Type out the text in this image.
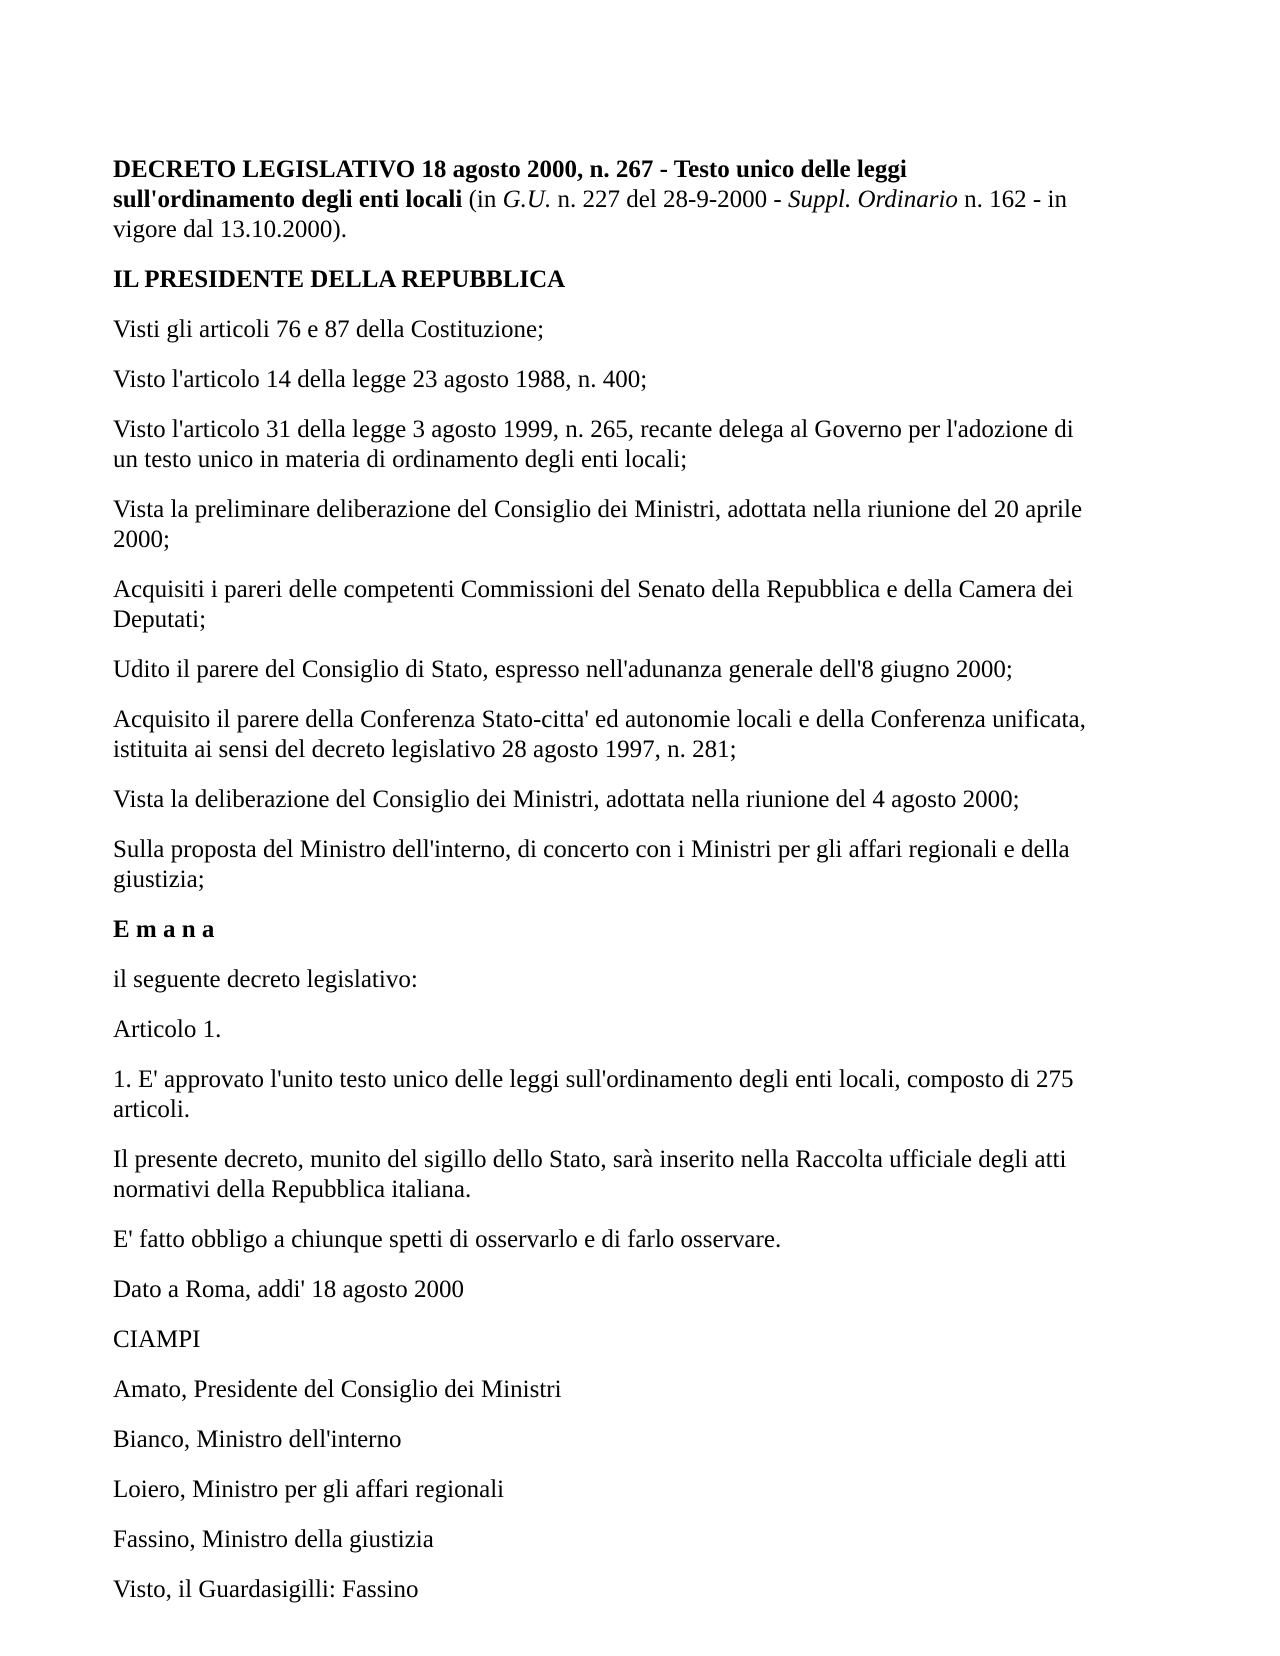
DECRETO LEGISLATIVO 18 agosto 2000, n. 267 - Testo unico delle leggi sull'ordinamento degli enti locali (in G.U. n. 227 del 28-9-2000 - Suppl. Ordinario n. 162 - in vigore dal 13.10.2000).

IL PRESIDENTE DELLA REPUBBLICA

Visti gli articoli 76 e 87 della Costituzione;

Visto l'articolo 14 della legge 23 agosto 1988, n. 400;

Visto l'articolo 31 della legge 3 agosto 1999, n. 265, recante delega al Governo per l'adozione di un testo unico in materia di ordinamento degli enti locali;

Vista la preliminare deliberazione del Consiglio dei Ministri, adottata nella riunione del 20 aprile 2000;

Acquisiti i pareri delle competenti Commissioni del Senato della Repubblica e della Camera dei Deputati;

Udito il parere del Consiglio di Stato, espresso nell'adunanza generale dell'8 giugno 2000;

Acquisito il parere della Conferenza Stato-citta' ed autonomie locali e della Conferenza unificata, istituita ai sensi del decreto legislativo 28 agosto 1997, n. 281;

Vista la deliberazione del Consiglio dei Ministri, adottata nella riunione del 4 agosto 2000;

Sulla proposta del Ministro dell'interno, di concerto con i Ministri per gli affari regionali e della giustizia;

E m a n a

il seguente decreto legislativo:

Articolo 1.

1. E' approvato l'unito testo unico delle leggi sull'ordinamento degli enti locali, composto di 275 articoli.

Il presente decreto, munito del sigillo dello Stato, sarà inserito nella Raccolta ufficiale degli atti normativi della Repubblica italiana.

E' fatto obbligo a chiunque spetti di osservarlo e di farlo osservare.

Dato a Roma, addi' 18 agosto 2000

CIAMPI

Amato, Presidente del Consiglio dei Ministri

Bianco, Ministro dell'interno

Loiero, Ministro per gli affari regionali

Fassino, Ministro della giustizia

Visto, il Guardasigilli: Fassino
